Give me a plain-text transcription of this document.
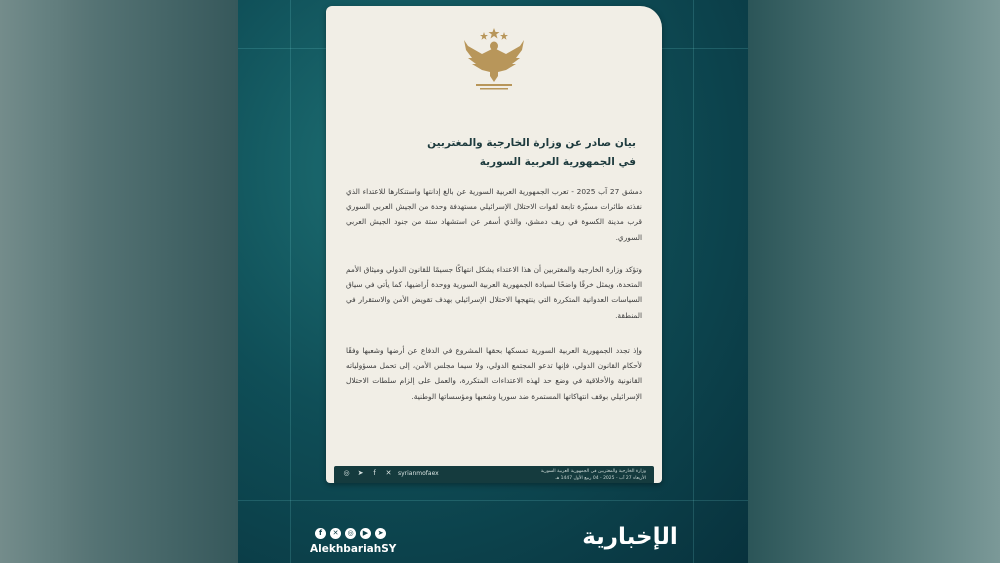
بيان صادر عن وزارة الخارجية والمغتربين
في الجمهورية العربية السورية
دمشق 27 آب 2025 - تعرب الجمهورية العربية السورية عن بالغ إدانتها واستنكارها للاعتداء الذي نفذته طائرات مسيّرة تابعة لقوات الاحتلال الإسرائيلي مستهدفة وحدة من الجيش العربي السوري قرب مدينة الكسوة في ريف دمشق، والذي أسفر عن استشهاد ستة من جنود الجيش العربي السوري.
وتؤكد وزارة الخارجية والمغتربين أن هذا الاعتداء يشكل انتهاكًا جسيمًا للقانون الدولي وميثاق الأمم المتحدة، ويمثل خرقًا واضحًا لسيادة الجمهورية العربية السورية ووحدة أراضيها، كما يأتي في سياق السياسات العدوانية المتكررة التي ينتهجها الاحتلال الإسرائيلي بهدف تقويض الأمن والاستقرار في المنطقة.
وإذ تجدد الجمهورية العربية السورية تمسكها بحقها المشروع في الدفاع عن أرضها وشعبها وفقًا لأحكام القانون الدولي، فإنها تدعو المجتمع الدولي، ولا سيما مجلس الأمن، إلى تحمل مسؤولياته القانونية والأخلاقية في وضع حد لهذه الاعتداءات المتكررة، والعمل على إلزام سلطات الاحتلال الإسرائيلي بوقف انتهاكاتها المستمرة ضد سوريا وشعبها ومؤسساتها الوطنية.
◎ ➤	f	✕ syrianmofaex	وزارة الخارجية والمغتربين في الجمهورية العربية السورية
الأربعاء 27 آب - 2025 - 04 ربيع الأول 1447 هـ
f	✕	◎	▶	➤
AlekhbariahSY	الإخبارية
